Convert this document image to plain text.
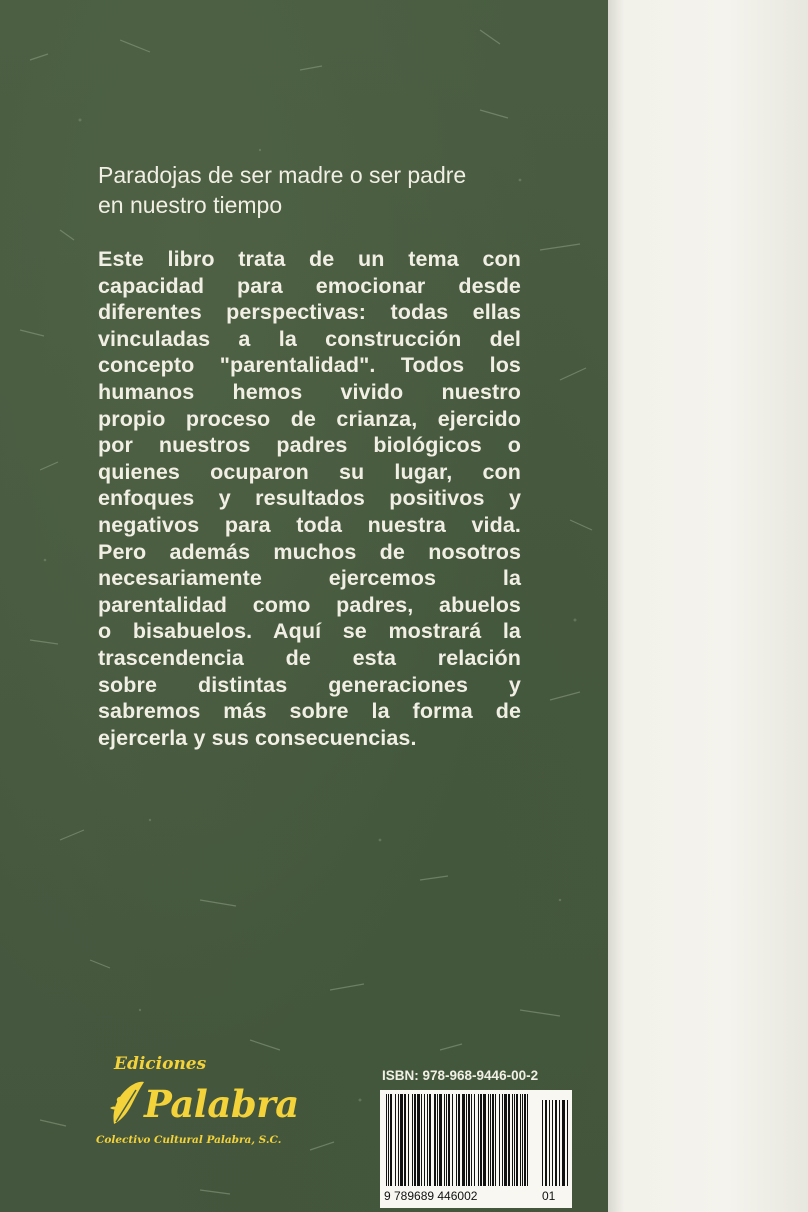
Paradojas de ser madre o ser padre
en nuestro tiempo
Este libro trata de un tema con
capacidad para emocionar desde
diferentes perspectivas: todas ellas
vinculadas a la construcción del
concepto "parentalidad". Todos los
humanos hemos vivido nuestro
propio proceso de crianza, ejercido
por nuestros padres biológicos o
quienes ocuparon su lugar, con
enfoques y resultados positivos y
negativos para toda nuestra vida.
Pero además muchos de nosotros
necesariamente ejercemos la
parentalidad como padres, abuelos
o bisabuelos. Aquí se mostrará la
trascendencia de esta relación
sobre distintas generaciones y
sabremos más sobre la forma de
ejercerla y sus consecuencias.
Ediciones
Palabra
Colectivo Cultural Palabra, S.C.
ISBN: 978-968-9446-00-2
9 789689 446002	01
